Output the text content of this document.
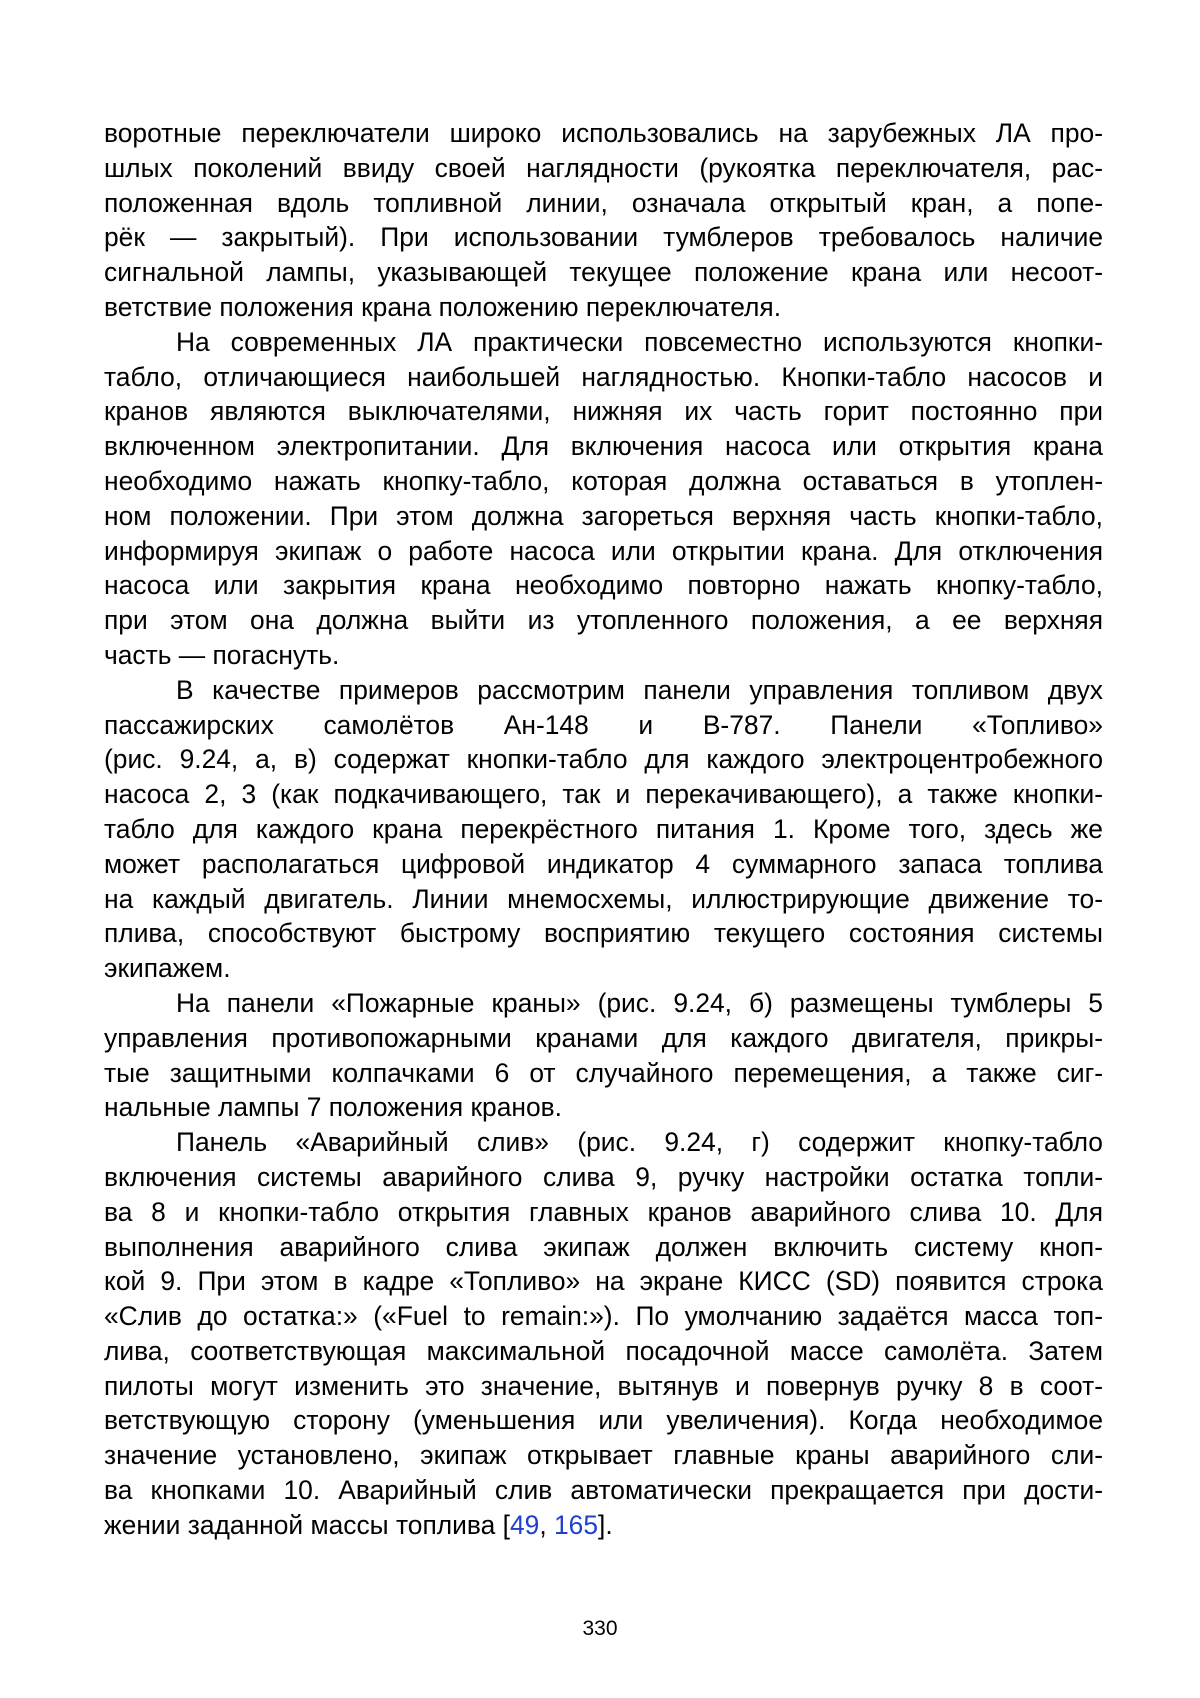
воротные переключатели широко использовались на зарубежных ЛА про-
шлых поколений ввиду своей наглядности (рукоятка переключателя, рас-
положенная вдоль топливной линии, означала открытый кран, а попе-
рёк — закрытый). При использовании тумблеров требовалось наличие
сигнальной лампы, указывающей текущее положение крана или несоот-
ветствие положения крана положению переключателя.
На современных ЛА практически повсеместно используются кнопки-
табло, отличающиеся наибольшей наглядностью. Кнопки-табло насосов и
кранов являются выключателями, нижняя их часть горит постоянно при
включенном электропитании. Для включения насоса или открытия крана
необходимо нажать кнопку-табло, которая должна оставаться в утоплен-
ном положении. При этом должна загореться верхняя часть кнопки-табло,
информируя экипаж о работе насоса или открытии крана. Для отключения
насоса или закрытия крана необходимо повторно нажать кнопку-табло,
при этом она должна выйти из утопленного положения, а ее верхняя
часть — погаснуть.
В качестве примеров рассмотрим панели управления топливом двух
пассажирских самолётов Ан-148 и В-787. Панели «Топливо»
(рис. 9.24, а, в) содержат кнопки-табло для каждого электроцентробежного
насоса 2, 3 (как подкачивающего, так и перекачивающего), а также кнопки-
табло для каждого крана перекрёстного питания 1. Кроме того, здесь же
может располагаться цифровой индикатор 4 суммарного запаса топлива
на каждый двигатель. Линии мнемосхемы, иллюстрирующие движение то-
плива, способствуют быстрому восприятию текущего состояния системы
экипажем.
На панели «Пожарные краны» (рис. 9.24, б) размещены тумблеры 5
управления противопожарными кранами для каждого двигателя, прикры-
тые защитными колпачками 6 от случайного перемещения, а также сиг-
нальные лампы 7 положения кранов.
Панель «Аварийный слив» (рис. 9.24, г) содержит кнопку-табло
включения системы аварийного слива 9, ручку настройки остатка топли-
ва 8 и кнопки-табло открытия главных кранов аварийного слива 10. Для
выполнения аварийного слива экипаж должен включить систему кноп-
кой 9. При этом в кадре «Топливо» на экране КИСС (SD) появится строка
«Слив до остатка:» («Fuel to remain:»). По умолчанию задаётся масса топ-
лива, соответствующая максимальной посадочной массе самолёта. Затем
пилоты могут изменить это значение, вытянув и повернув ручку 8 в соот-
ветствующую сторону (уменьшения или увеличения). Когда необходимое
значение установлено, экипаж открывает главные краны аварийного сли-
ва кнопками 10. Аварийный слив автоматически прекращается при дости-
жении заданной массы топлива [49, 165].
330
